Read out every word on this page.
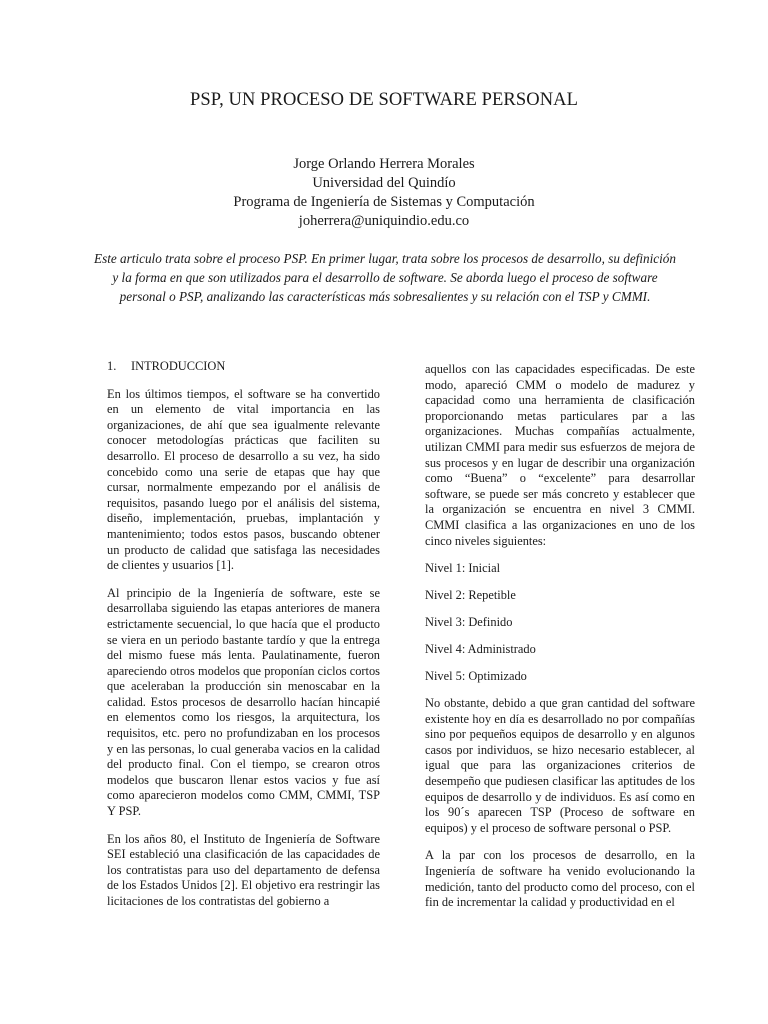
PSP, UN PROCESO DE SOFTWARE PERSONAL
Jorge Orlando Herrera Morales
Universidad del Quindío
Programa de Ingeniería de Sistemas y Computación
joherrera@uniquindio.edu.co
Este articulo trata sobre el proceso PSP. En primer lugar, trata sobre los procesos de desarrollo, su definición y la forma en que son utilizados para el desarrollo de software. Se aborda luego el proceso de software personal o PSP, analizando las características más sobresalientes y su relación con el TSP y CMMI.

1. INTRODUCCION

En los últimos tiempos, el software se ha convertido en un elemento de vital importancia en las organizaciones, de ahí que sea igualmente relevante conocer metodologías prácticas que faciliten su desarrollo. El proceso de desarrollo a su vez, ha sido concebido como una serie de etapas que hay que cursar, normalmente empezando por el análisis de requisitos, pasando luego por el análisis del sistema, diseño, implementación, pruebas, implantación y mantenimiento; todos estos pasos, buscando obtener un producto de calidad que satisfaga las necesidades de clientes y usuarios [1].

Al principio de la Ingeniería de software, este se desarrollaba siguiendo las etapas anteriores de manera estrictamente secuencial, lo que hacía que el producto se viera en un periodo bastante tardío y que la entrega del mismo fuese más lenta. Paulatinamente, fueron apareciendo otros modelos que proponían ciclos cortos que aceleraban la producción sin menoscabar en la calidad. Estos procesos de desarrollo hacían hincapié en elementos como los riesgos, la arquitectura, los requisitos, etc. pero no profundizaban en los procesos y en las personas, lo cual generaba vacios en la calidad del producto final. Con el tiempo, se crearon otros modelos que buscaron llenar estos vacios y fue así como aparecieron modelos como CMM, CMMI, TSP Y PSP.

En los años 80, el Instituto de Ingeniería de Software SEI estableció una clasificación de las capacidades de los contratistas para uso del departamento de defensa de los Estados Unidos [2]. El objetivo era restringir las licitaciones de los contratistas del gobierno a

aquellos con las capacidades especificadas. De este modo, apareció CMM o modelo de madurez y capacidad como una herramienta de clasificación proporcionando metas particulares par a las organizaciones. Muchas compañías actualmente, utilizan CMMI para medir sus esfuerzos de mejora de sus procesos y en lugar de describir una organización como “Buena” o “excelente” para desarrollar software, se puede ser más concreto y establecer que la organización se encuentra en nivel 3 CMMI. CMMI clasifica a las organizaciones en uno de los cinco niveles siguientes:

Nivel 1: Inicial

Nivel 2: Repetible

Nivel 3: Definido

Nivel 4: Administrado

Nivel 5: Optimizado

No obstante, debido a que gran cantidad del software existente hoy en día es desarrollado no por compañías sino por pequeños equipos de desarrollo y en algunos casos por individuos, se hizo necesario establecer, al igual que para las organizaciones criterios de desempeño que pudiesen clasificar las aptitudes de los equipos de desarrollo y de individuos. Es así como en los 90´s aparecen TSP (Proceso de software en equipos) y el proceso de software personal o PSP.

A la par con los procesos de desarrollo, en la Ingeniería de software ha venido evolucionando la medición, tanto del producto como del proceso, con el fin de incrementar la calidad y productividad en el
